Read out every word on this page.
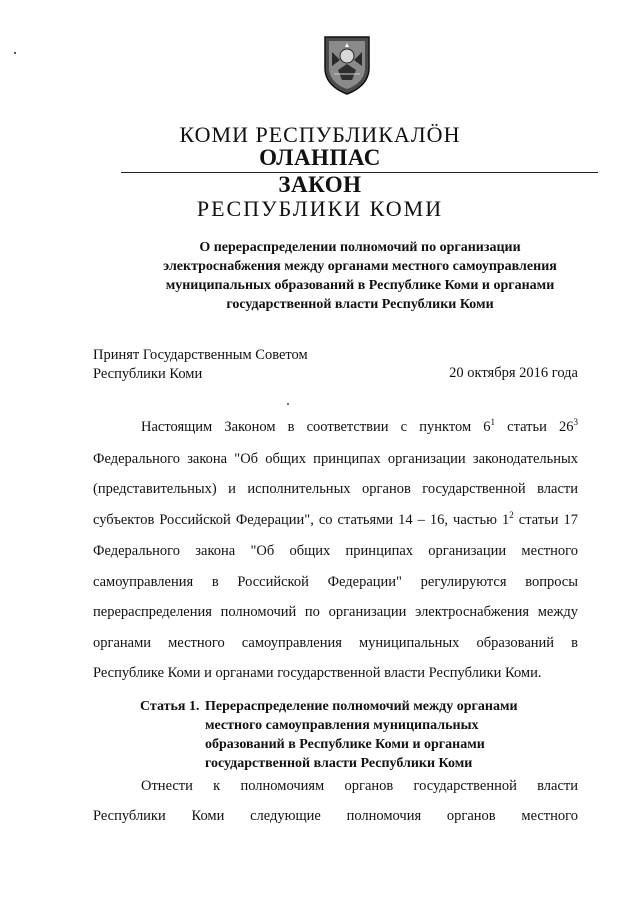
КОМИ РЕСПУБЛИКАЛӦН
ОЛАНПАС
ЗАКОН
РЕСПУБЛИКИ КОМИ
О перераспределении полномочий по организации
электроснабжения между органами местного самоуправления
муниципальных образований в Республике Коми и органами
государственной власти Республики Коми
Принят Государственным Советом
Республики Коми	20 октября 2016 года

Настоящим Законом в соответствии с пунктом $6^1$ статьи $26^3$ Федерального закона "Об общих принципах организации законодательных (представительных) и исполнительных органов государственной власти субъектов Российской Федерации", со статьями 14 – 16, частью $1^2$ статьи 17 Федерального закона "Об общих принципах организации местного самоуправления в Российской Федерации" регулируются вопросы перераспределения полномочий по организации электроснабжения между органами местного самоуправления муниципальных образований в Республике Коми и органами государственной власти Республики Коми.

Статья 1. Перераспределение полномочий между органами
местного самоуправления муниципальных
образований в Республике Коми и органами
государственной власти Республики Коми

Отнести к полномочиям органов государственной власти

Республики Коми следующие полномочия органов местного
